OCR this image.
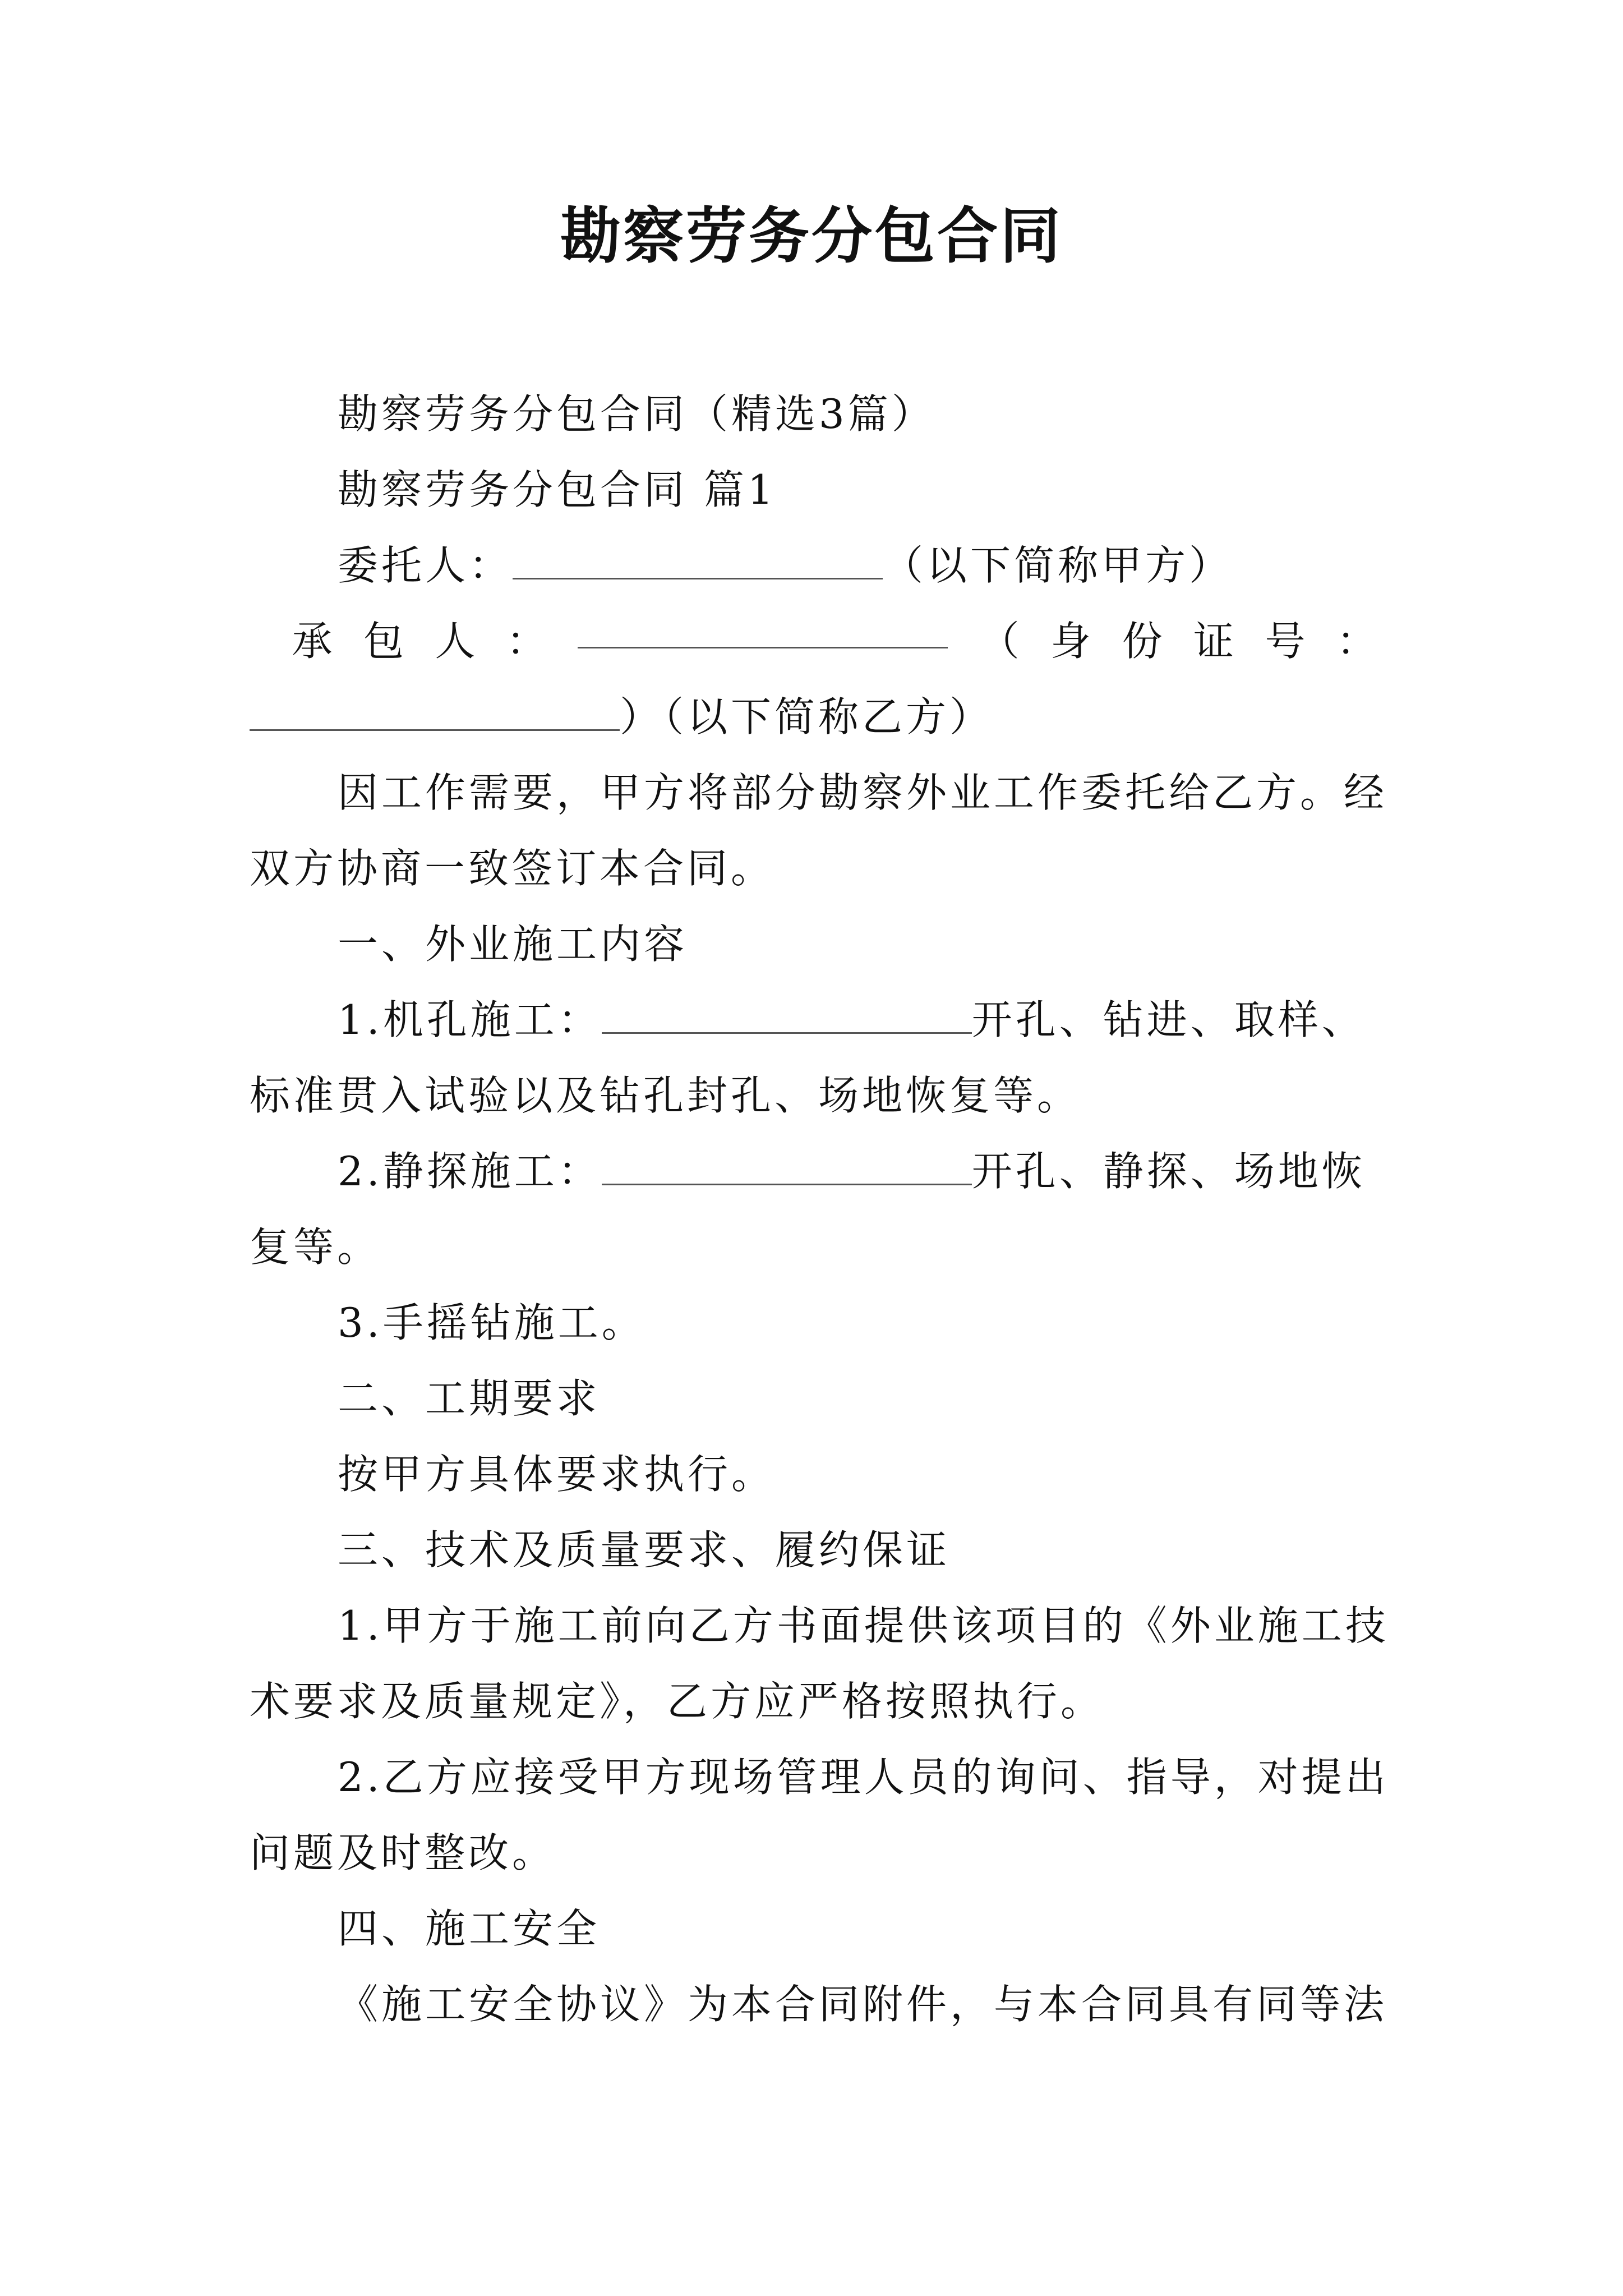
勘察劳务分包合同
勘察劳务分包合同（精选3篇）
勘察劳务分包合同 篇1
委托人：	（以下简称甲方）
承 包 人 ：	（ 身 份 证 号 ：
）（以下简称乙方）
因工作需要，甲方将部分勘察外业工作委托给乙方。经
双方协商一致签订本合同。
一、外业施工内容
1.机孔施工：	开孔、钻进、取样、
标准贯入试验以及钻孔封孔、场地恢复等。
2.静探施工：	开孔、静探、场地恢
复等。
3.手摇钻施工。
二、工期要求
按甲方具体要求执行。
三、技术及质量要求、履约保证
1.甲方于施工前向乙方书面提供该项目的《外业施工技
术要求及质量规定》，乙方应严格按照执行。
2.乙方应接受甲方现场管理人员的询问、指导，对提出
问题及时整改。
四、施工安全
《施工安全协议》为本合同附件，与本合同具有同等法
